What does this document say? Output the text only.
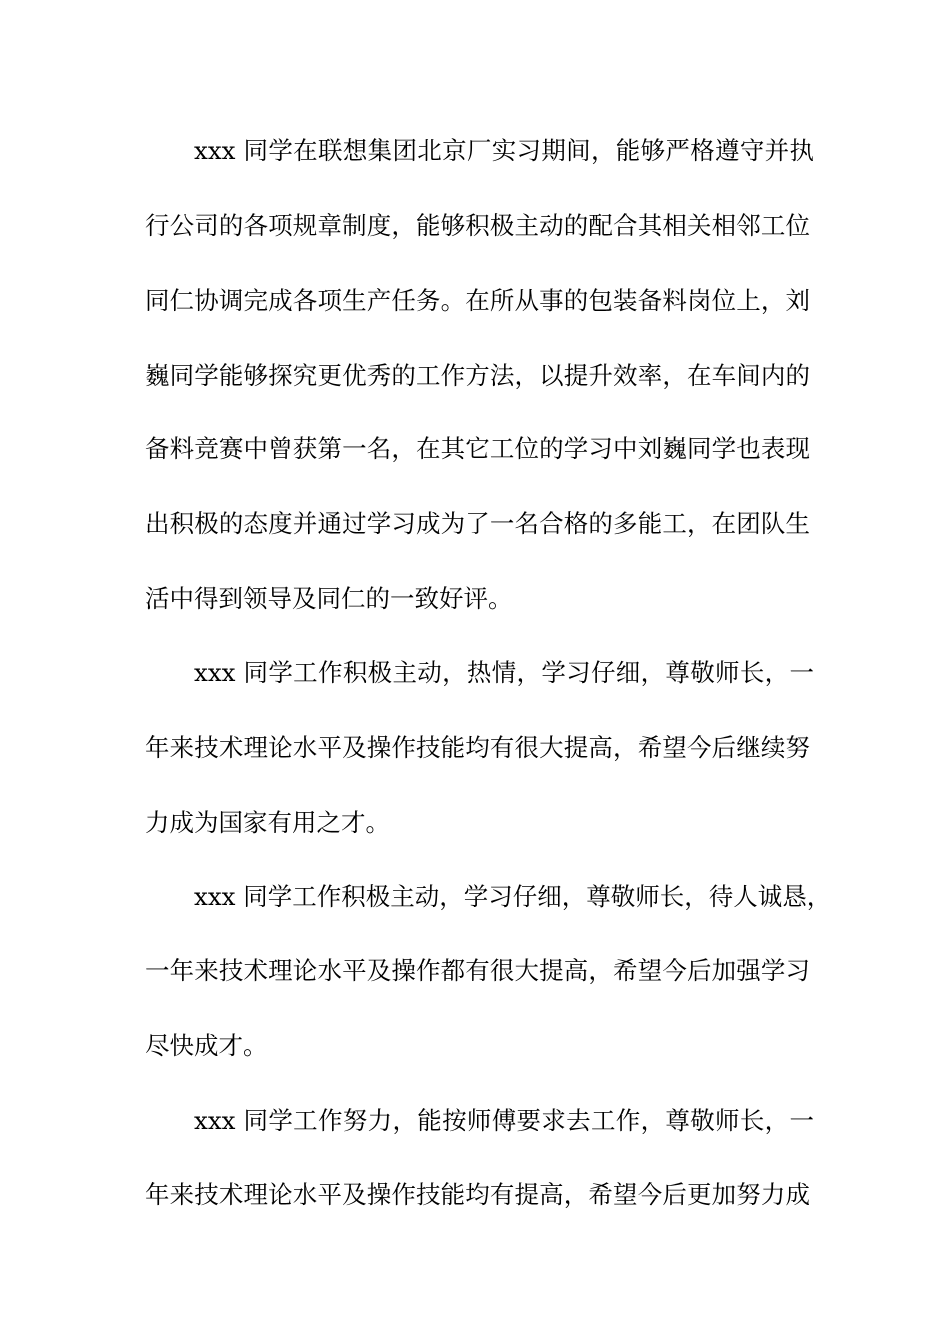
xxx 同学在联想集团北京厂实习期间，能够严格遵守并执
行公司的各项规章制度，能够积极主动的配合其相关相邻工位
同仁协调完成各项生产任务。在所从事的包装备料岗位上，刘
巍同学能够探究更优秀的工作方法，以提升效率，在车间内的
备料竞赛中曾获第一名，在其它工位的学习中刘巍同学也表现
出积极的态度并通过学习成为了一名合格的多能工，在团队生
活中得到领导及同仁的一致好评。
xxx 同学工作积极主动，热情，学习仔细，尊敬师长，一
年来技术理论水平及操作技能均有很大提高，希望今后继续努
力成为国家有用之才。
xxx 同学工作积极主动，学习仔细，尊敬师长，待人诚恳，
一年来技术理论水平及操作都有很大提高，希望今后加强学习
尽快成才。
xxx 同学工作努力，能按师傅要求去工作，尊敬师长，一
年来技术理论水平及操作技能均有提高，希望今后更加努力成
